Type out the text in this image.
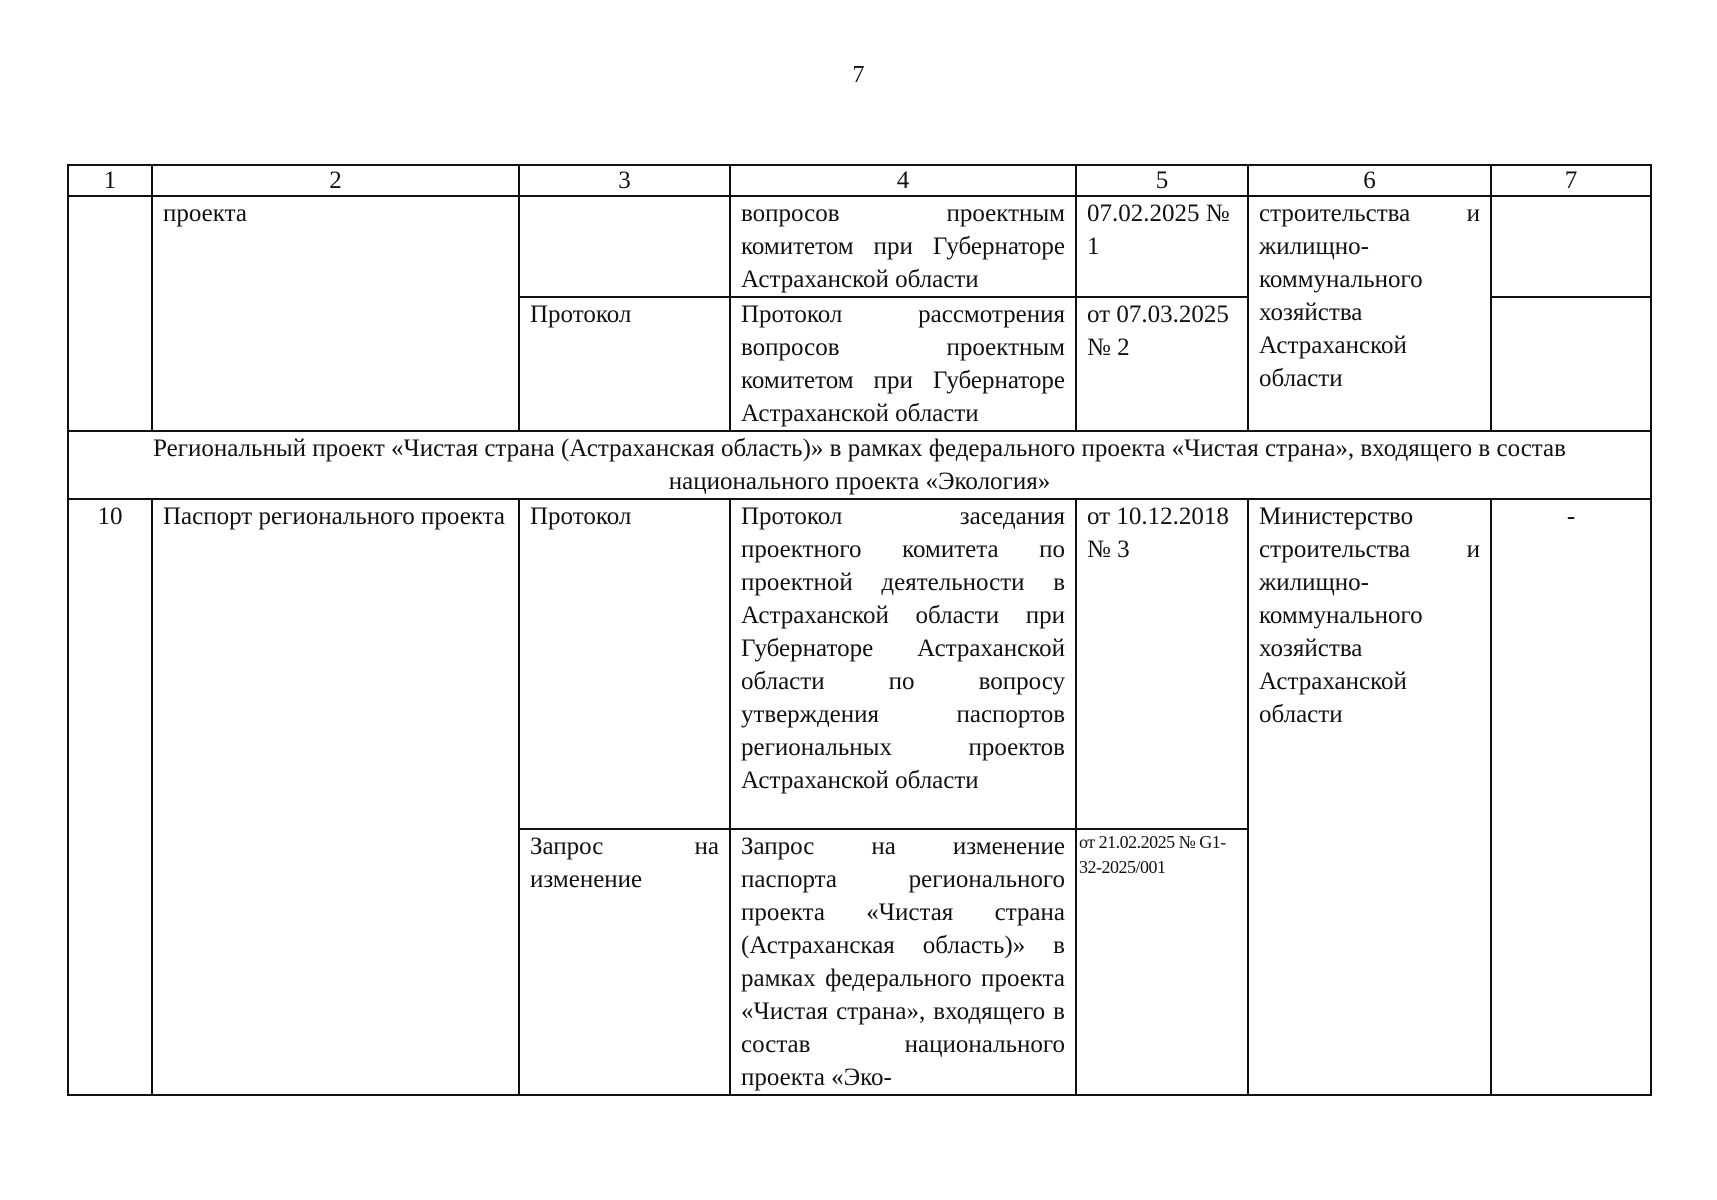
7
1	2	3	4	5	6	7
	проекта		вопросов проектным комитетом при Губернаторе Астраханской области	07.02.2025 № 1	строительства и жилищно-коммунального хозяйства Астраханской области	
		Протокол	Протокол рассмотрения вопросов проектным комитетом при Губернаторе Астраханской области	от 07.03.2025 № 2		
Региональный проект «Чистая страна (Астраханская область)» в рамках федерального проекта «Чистая страна», входящего в состав национального проекта «Экология»						
10	Паспорт регионального проекта	Протокол	Протокол заседания проектного комитета по проектной деятельности в Астраханской области при Губернаторе Астраханской области по вопросу утверждения паспортов региональных проектов Астраханской области	от 10.12.2018 № 3	Министерство строительства и жилищно-коммунального хозяйства Астраханской области	-
		Запрос на изменение	Запрос на изменение паспорта регионального проекта «Чистая страна (Астраханская область)» в рамках федерального проекта «Чистая страна», входящего в состав национального проекта «Эко-	от 21.02.2025 № G1-32-2025/001		
